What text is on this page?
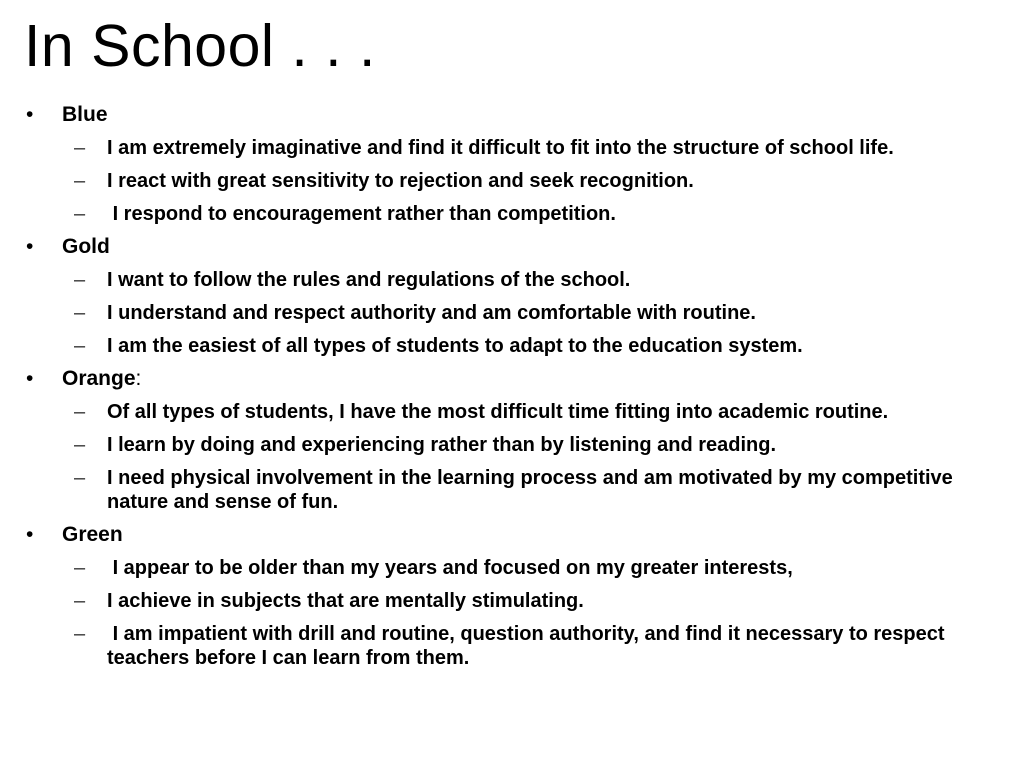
In School . . .
• Blue
– I am extremely imaginative and find it difficult to fit into the structure of school life.
– I react with great sensitivity to rejection and seek recognition.
– I respond to encouragement rather than competition.
• Gold
– I want to follow the rules and regulations of the school.
– I understand and respect authority and am comfortable with routine.
– I am the easiest of all types of students to adapt to the education system.
• Orange:
– Of all types of students, I have the most difficult time fitting into academic routine.
– I learn by doing and experiencing rather than by listening and reading.
– I need physical involvement in the learning process and am motivated by my competitive nature and sense of fun.
• Green
– I appear to be older than my years and focused on my greater interests,
– I achieve in subjects that are mentally stimulating.
– I am impatient with drill and routine, question authority, and find it necessary to respect teachers before I can learn from them.
